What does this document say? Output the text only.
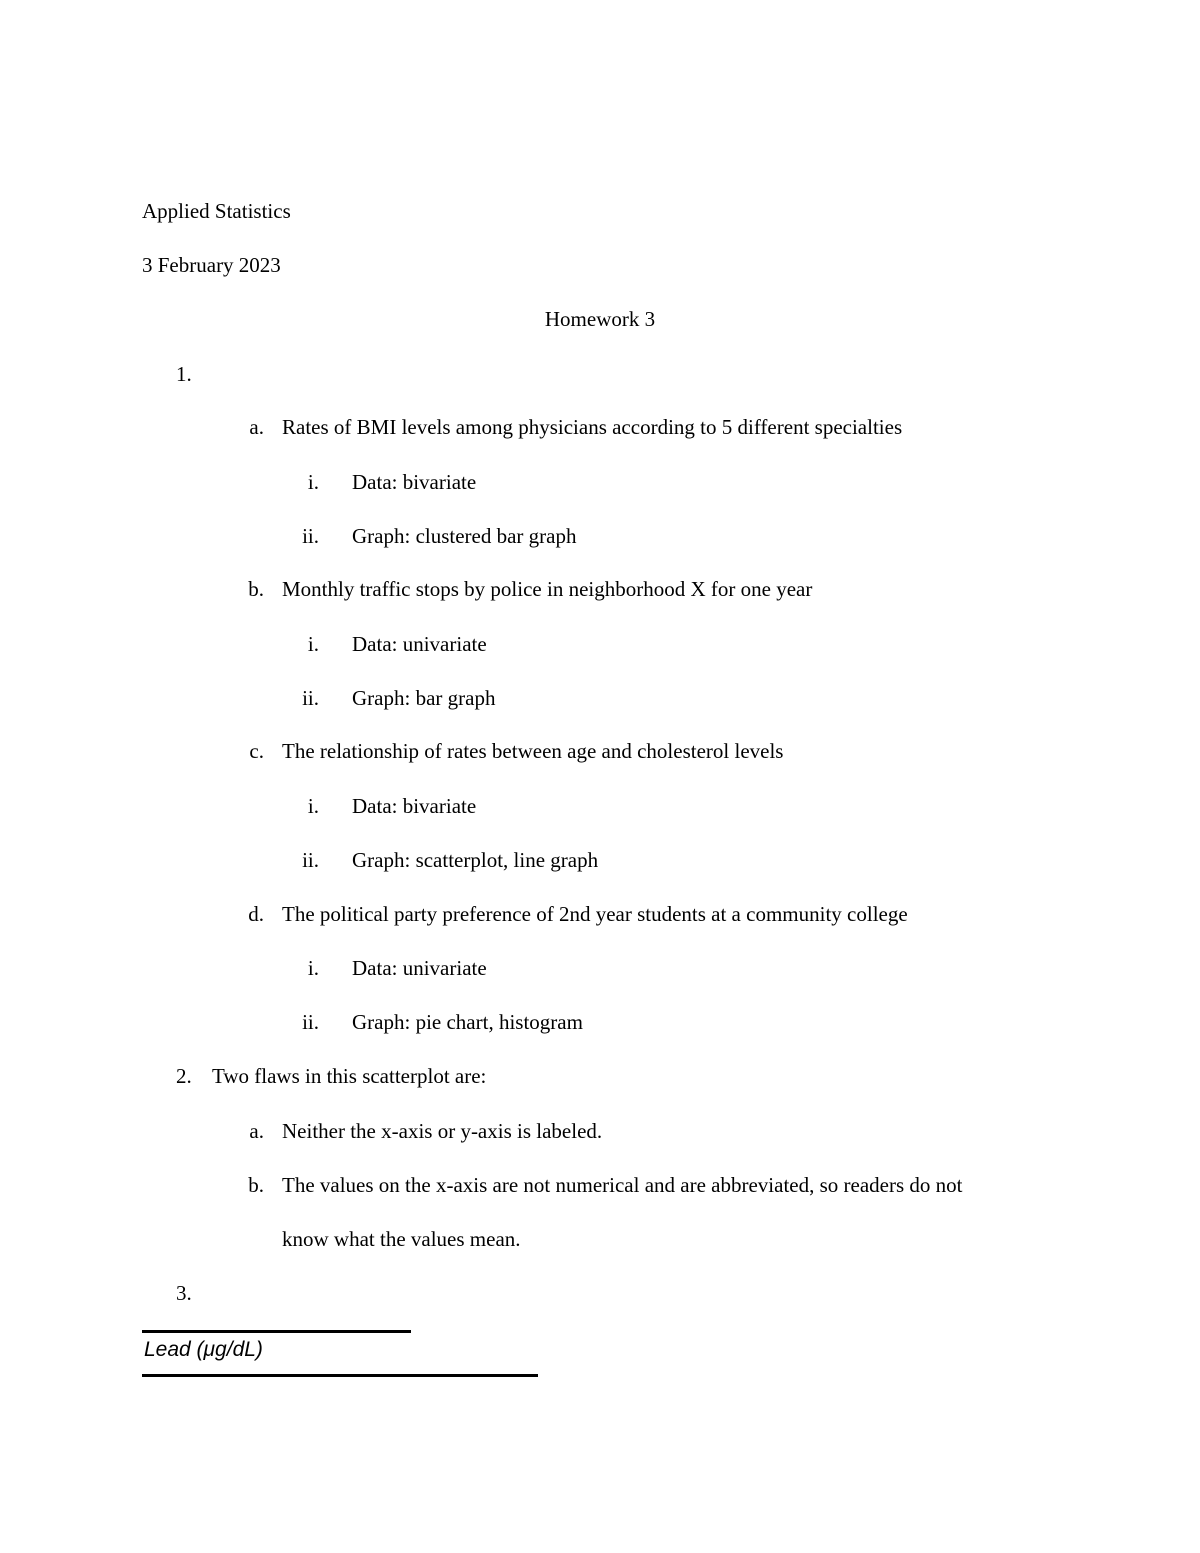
Applied Statistics
3 February 2023
Homework 3
1.
a. Rates of BMI levels among physicians according to 5 different specialties
i. Data: bivariate
ii. Graph: clustered bar graph
b. Monthly traffic stops by police in neighborhood X for one year
i. Data: univariate
ii. Graph: bar graph
c. The relationship of rates between age and cholesterol levels
i. Data: bivariate
ii. Graph: scatterplot, line graph
d. The political party preference of 2nd year students at a community college
i. Data: univariate
ii. Graph: pie chart, histogram
2. Two flaws in this scatterplot are:
a. Neither the x-axis or y-axis is labeled.
b. The values on the x-axis are not numerical and are abbreviated, so readers do not
know what the values mean.
3.
Lead (μg/dL)
